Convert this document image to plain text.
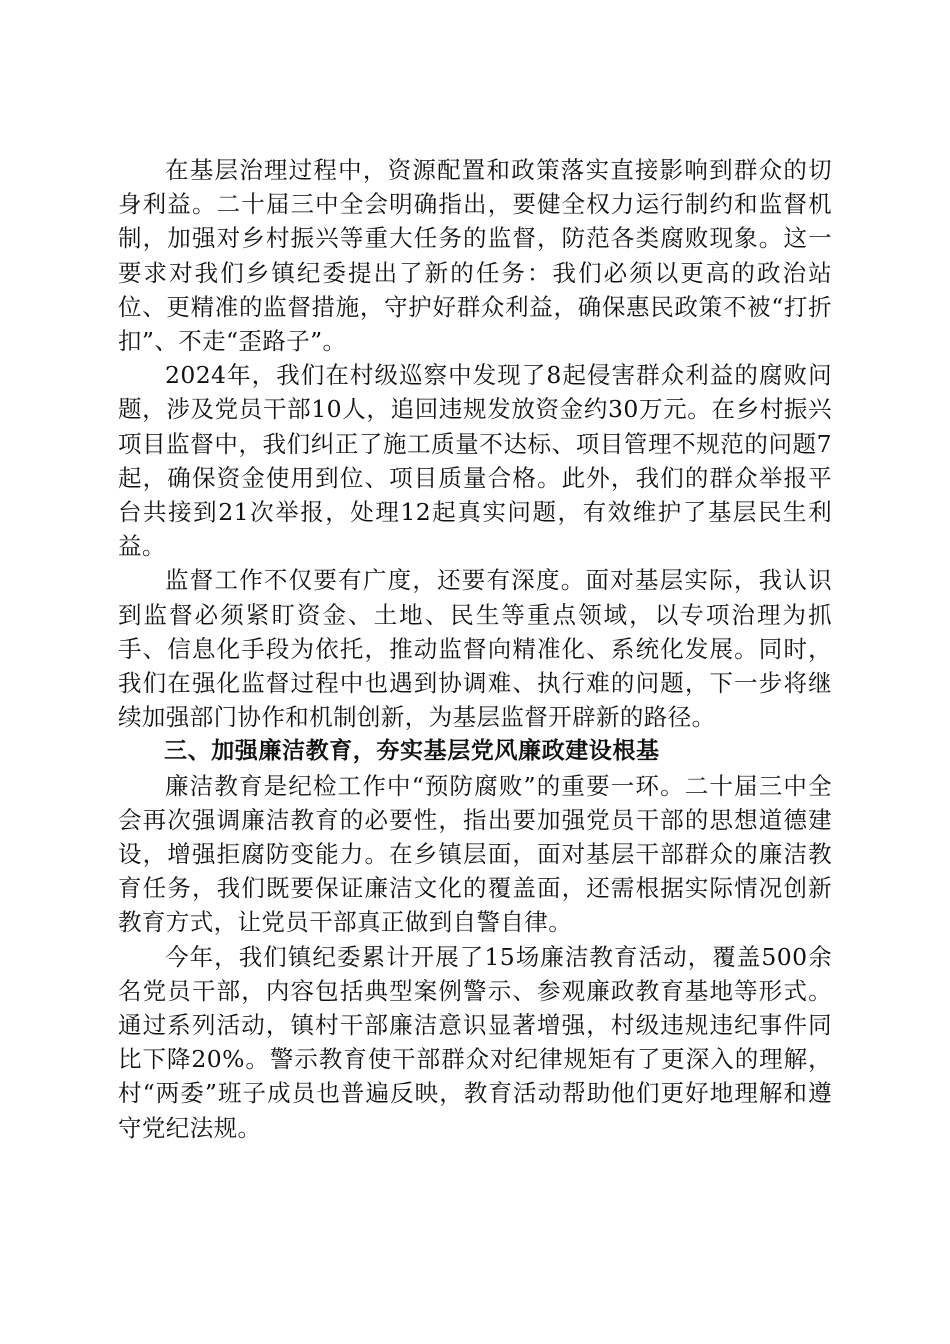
在基层治理过程中，资源配置和政策落实直接影响到群众的切身利益。二十届三中全会明确指出，要健全权力运行制约和监督机制，加强对乡村振兴等重大任务的监督，防范各类腐败现象。这一要求对我们乡镇纪委提出了新的任务：我们必须以更高的政治站位、更精准的监督措施，守护好群众利益，确保惠民政策不被“打折扣”、不走“歪路子”。

2024年，我们在村级巡察中发现了8起侵害群众利益的腐败问题，涉及党员干部10人，追回违规发放资金约30万元。在乡村振兴项目监督中，我们纠正了施工质量不达标、项目管理不规范的问题7起，确保资金使用到位、项目质量合格。此外，我们的群众举报平台共接到21次举报，处理12起真实问题，有效维护了基层民生利益。

监督工作不仅要有广度，还要有深度。面对基层实际，我认识到监督必须紧盯资金、土地、民生等重点领域，以专项治理为抓手、信息化手段为依托，推动监督向精准化、系统化发展。同时，我们在强化监督过程中也遇到协调难、执行难的问题，下一步将继续加强部门协作和机制创新，为基层监督开辟新的路径。

三、加强廉洁教育，夯实基层党风廉政建设根基

廉洁教育是纪检工作中“预防腐败”的重要一环。二十届三中全会再次强调廉洁教育的必要性，指出要加强党员干部的思想道德建设，增强拒腐防变能力。在乡镇层面，面对基层干部群众的廉洁教育任务，我们既要保证廉洁文化的覆盖面，还需根据实际情况创新教育方式，让党员干部真正做到自警自律。

今年，我们镇纪委累计开展了15场廉洁教育活动，覆盖500余名党员干部，内容包括典型案例警示、参观廉政教育基地等形式。通过系列活动，镇村干部廉洁意识显著增强，村级违规违纪事件同比下降20%。警示教育使干部群众对纪律规矩有了更深入的理解，村“两委”班子成员也普遍反映，教育活动帮助他们更好地理解和遵守党纪法规。
